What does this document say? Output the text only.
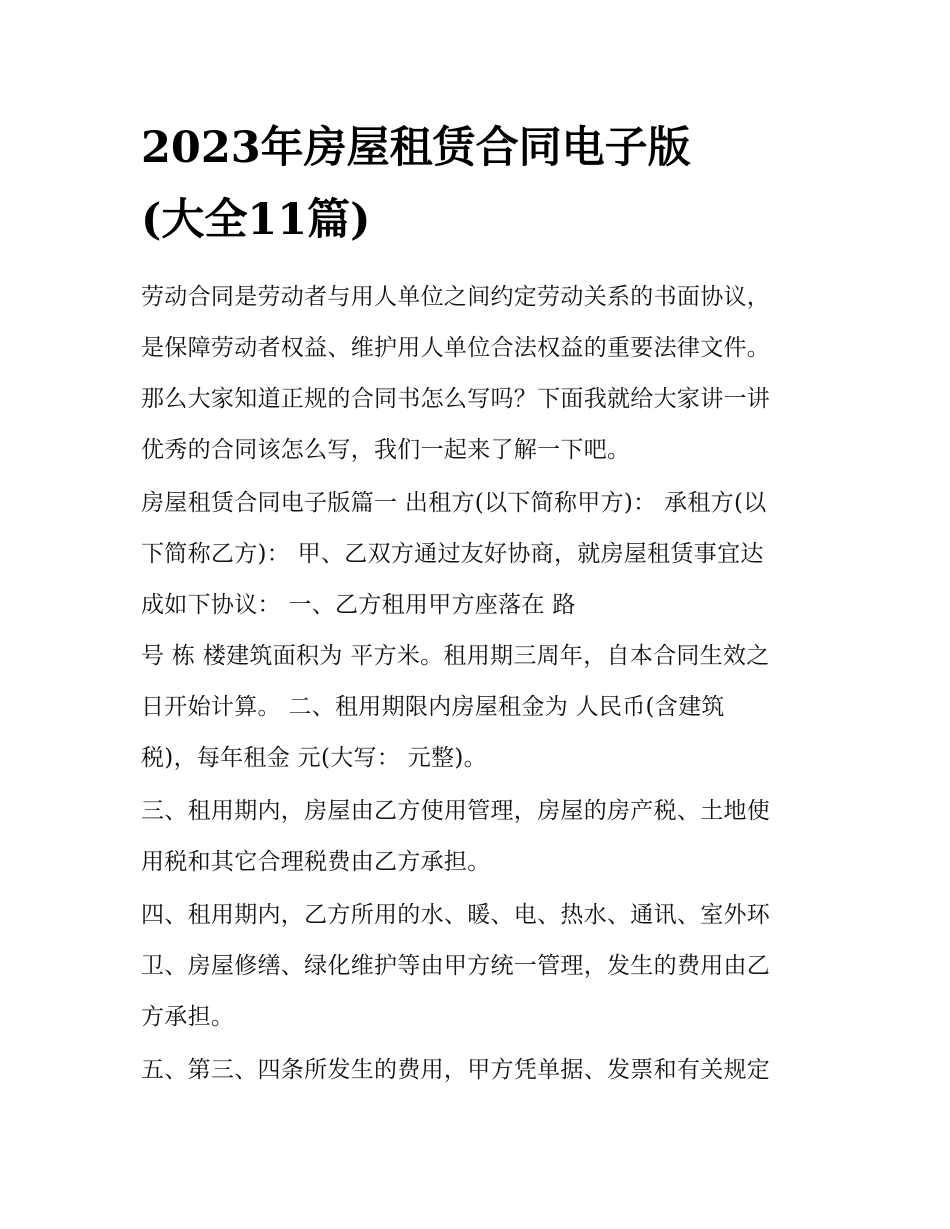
2023年房屋租赁合同电子版
(大全11篇)
劳动合同是劳动者与用人单位之间约定劳动关系的书面协议，
是保障劳动者权益、维护用人单位合法权益的重要法律文件。
那么大家知道正规的合同书怎么写吗？下面我就给大家讲一讲
优秀的合同该怎么写，我们一起来了解一下吧。
房屋租赁合同电子版篇一 出租方(以下简称甲方)： 承租方(以
下简称乙方)： 甲、乙双方通过友好协商，就房屋租赁事宜达
成如下协议： 一、乙方租用甲方座落在 路
号 栋 楼建筑面积为 平方米。租用期三周年，自本合同生效之
日开始计算。 二、租用期限内房屋租金为 人民币(含建筑
税)，每年租金 元(大写： 元整)。
三、租用期内，房屋由乙方使用管理，房屋的房产税、土地使
用税和其它合理税费由乙方承担。
四、租用期内，乙方所用的水、暖、电、热水、通讯、室外环
卫、房屋修缮、绿化维护等由甲方统一管理，发生的费用由乙
方承担。
五、第三、四条所发生的费用，甲方凭单据、发票和有关规定
